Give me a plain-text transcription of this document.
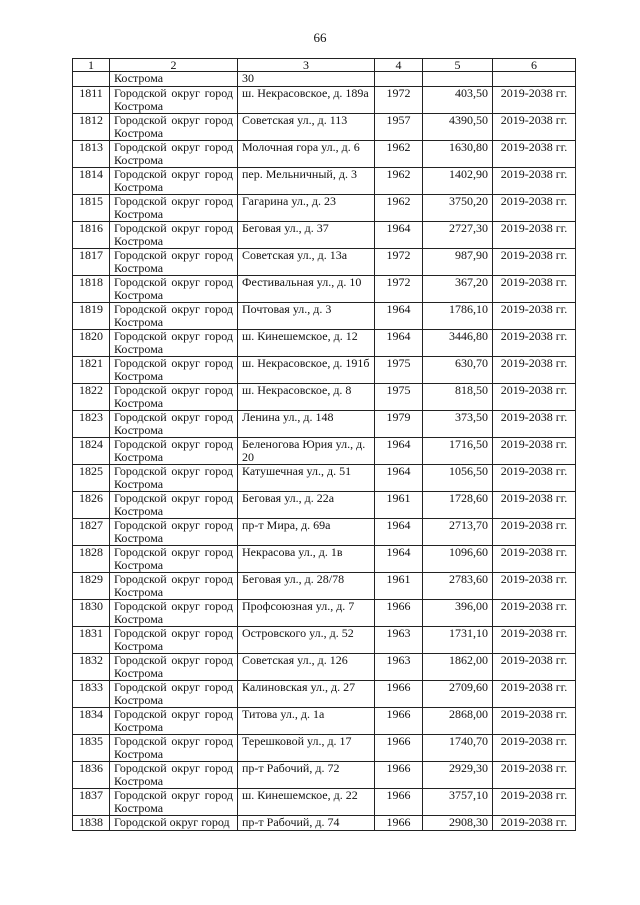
66
1	2	3	4	5	6
	Кострома	30			
1811	Городской округ город Кострома	ш. Некрасовское, д. 189а	1972	403,50	2019-2038 гг.
1812	Городской округ город Кострома	Советская ул., д. 113	1957	4390,50	2019-2038 гг.
1813	Городской округ город Кострома	Молочная гора ул., д. 6	1962	1630,80	2019-2038 гг.
1814	Городской округ город Кострома	пер. Мельничный, д. 3	1962	1402,90	2019-2038 гг.
1815	Городской округ город Кострома	Гагарина ул., д. 23	1962	3750,20	2019-2038 гг.
1816	Городской округ город Кострома	Беговая ул., д. 37	1964	2727,30	2019-2038 гг.
1817	Городской округ город Кострома	Советская ул., д. 13а	1972	987,90	2019-2038 гг.
1818	Городской округ город Кострома	Фестивальная ул., д. 10	1972	367,20	2019-2038 гг.
1819	Городской округ город Кострома	Почтовая ул., д. 3	1964	1786,10	2019-2038 гг.
1820	Городской округ город Кострома	ш. Кинешемское, д. 12	1964	3446,80	2019-2038 гг.
1821	Городской округ город Кострома	ш. Некрасовское, д. 191б	1975	630,70	2019-2038 гг.
1822	Городской округ город Кострома	ш. Некрасовское, д. 8	1975	818,50	2019-2038 гг.
1823	Городской округ город Кострома	Ленина ул., д. 148	1979	373,50	2019-2038 гг.
1824	Городской округ город Кострома	Беленогова Юрия ул., д. 20	1964	1716,50	2019-2038 гг.
1825	Городской округ город Кострома	Катушечная ул., д. 51	1964	1056,50	2019-2038 гг.
1826	Городской округ город Кострома	Беговая ул., д. 22а	1961	1728,60	2019-2038 гг.
1827	Городской округ город Кострома	пр-т Мира, д. 69а	1964	2713,70	2019-2038 гг.
1828	Городской округ город Кострома	Некрасова ул., д. 1в	1964	1096,60	2019-2038 гг.
1829	Городской округ город Кострома	Беговая ул., д. 28/78	1961	2783,60	2019-2038 гг.
1830	Городской округ город Кострома	Профсоюзная ул., д. 7	1966	396,00	2019-2038 гг.
1831	Городской округ город Кострома	Островского ул., д. 52	1963	1731,10	2019-2038 гг.
1832	Городской округ город Кострома	Советская ул., д. 126	1963	1862,00	2019-2038 гг.
1833	Городской округ город Кострома	Калиновская ул., д. 27	1966	2709,60	2019-2038 гг.
1834	Городской округ город Кострома	Титова ул., д. 1а	1966	2868,00	2019-2038 гг.
1835	Городской округ город Кострома	Терешковой ул., д. 17	1966	1740,70	2019-2038 гг.
1836	Городской округ город Кострома	пр-т Рабочий, д. 72	1966	2929,30	2019-2038 гг.
1837	Городской округ город Кострома	ш. Кинешемское, д. 22	1966	3757,10	2019-2038 гг.
1838	Городской округ город	пр-т Рабочий, д. 74	1966	2908,30	2019-2038 гг.
